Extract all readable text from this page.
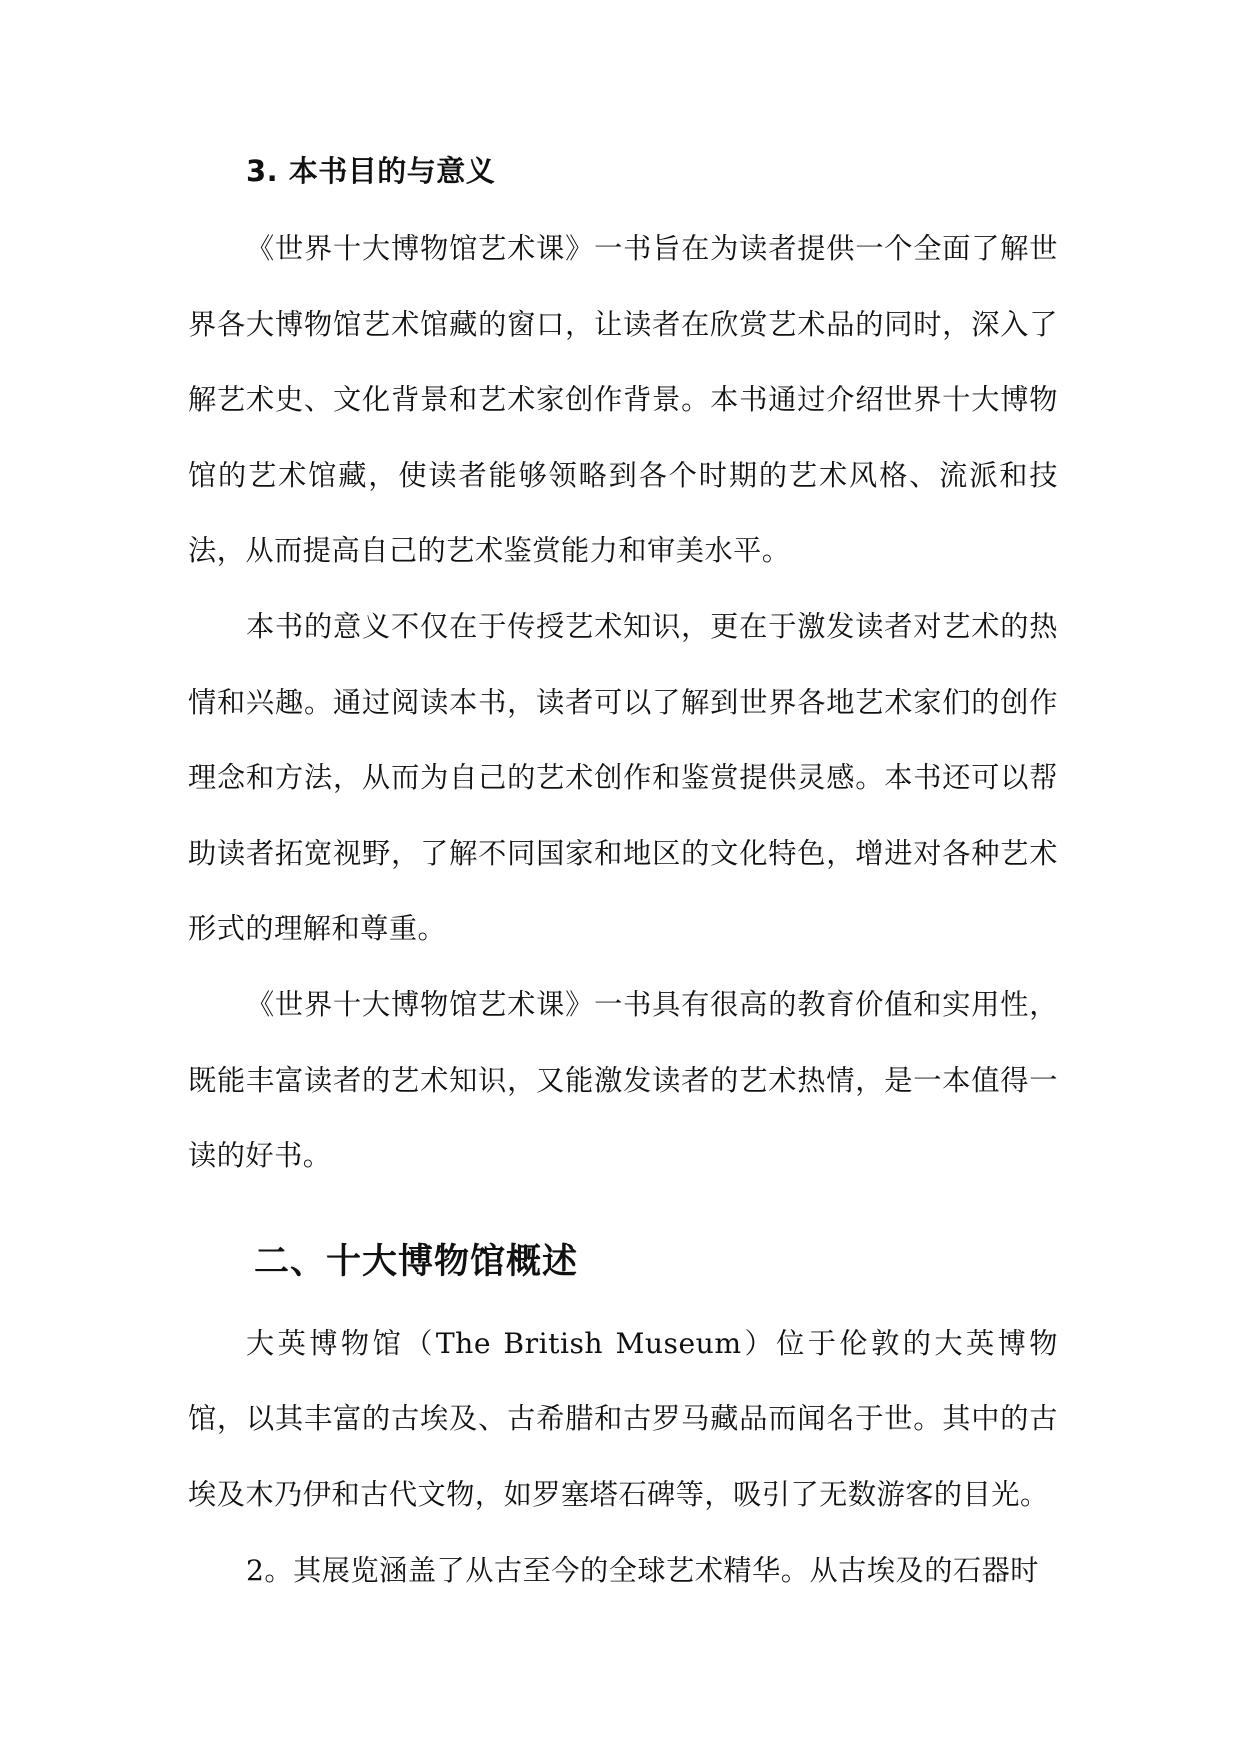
3. 本书目的与意义

《世界十大博物馆艺术课》一书旨在为读者提供一个全面了解世界各大博物馆艺术馆藏的窗口，让读者在欣赏艺术品的同时，深入了解艺术史、文化背景和艺术家创作背景。本书通过介绍世界十大博物馆的艺术馆藏，使读者能够领略到各个时期的艺术风格、流派和技法，从而提高自己的艺术鉴赏能力和审美水平。

本书的意义不仅在于传授艺术知识，更在于激发读者对艺术的热情和兴趣。通过阅读本书，读者可以了解到世界各地艺术家们的创作理念和方法，从而为自己的艺术创作和鉴赏提供灵感。本书还可以帮助读者拓宽视野，了解不同国家和地区的文化特色，增进对各种艺术形式的理解和尊重。

《世界十大博物馆艺术课》一书具有很高的教育价值和实用性，既能丰富读者的艺术知识，又能激发读者的艺术热情，是一本值得一读的好书。

二、十大博物馆概述

大英博物馆（The British Museum）位于伦敦的大英博物馆，以其丰富的古埃及、古希腊和古罗马藏品而闻名于世。其中的古埃及木乃伊和古代文物，如罗塞塔石碑等，吸引了无数游客的目光。

2。其展览涵盖了从古至今的全球艺术精华。从古埃及的石器时
